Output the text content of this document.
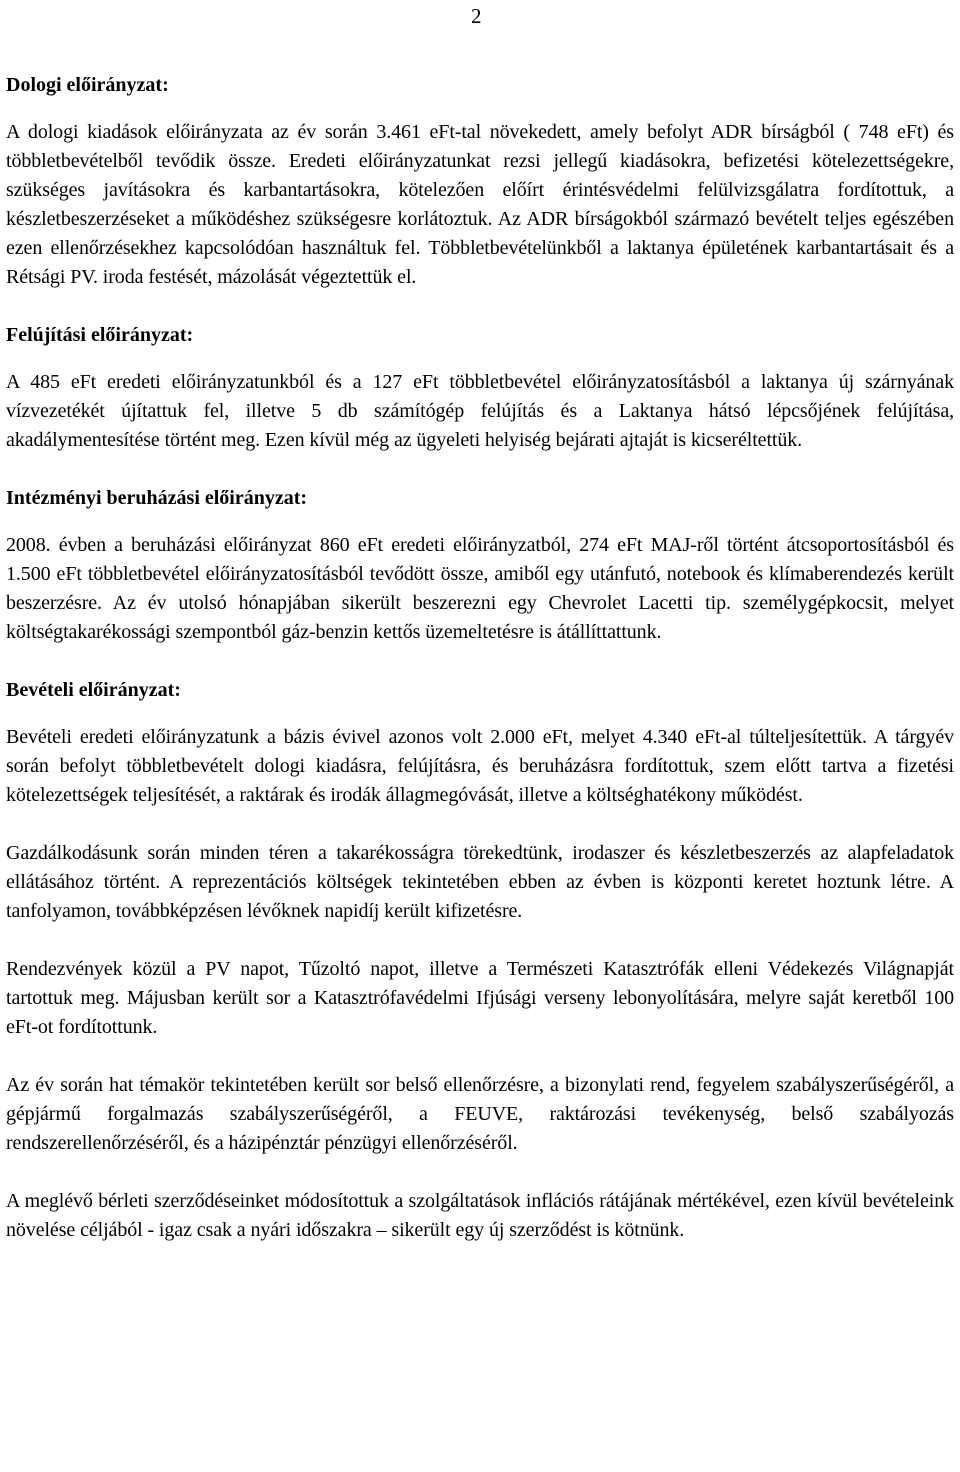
2

Dologi előirányzat:

A dologi kiadások előirányzata az év során 3.461 eFt-tal növekedett, amely befolyt ADR bírságból ( 748 eFt) és többletbevételből tevődik össze. Eredeti előirányzatunkat rezsi jellegű kiadásokra, befizetési kötelezettségekre, szükséges javításokra és karbantartásokra, kötelezően előírt érintésvédelmi felülvizsgálatra fordítottuk, a készletbeszerzéseket a működéshez szükségesre korlátoztuk. Az ADR bírságokból származó bevételt teljes egészében ezen ellenőrzésekhez kapcsolódóan használtuk fel. Többletbevételünkből a laktanya épületének karbantartásait és a Rétsági PV. iroda festését, mázolását végeztettük el.

Felújítási előirányzat:

A 485 eFt eredeti előirányzatunkból és a 127 eFt többletbevétel előirányzatosításból a laktanya új szárnyának vízvezetékét újítattuk fel, illetve 5 db számítógép felújítás és a Laktanya hátsó lépcsőjének felújítása, akadálymentesítése történt meg. Ezen kívül még az ügyeleti helyiség bejárati ajtaját is kicseréltettük.

Intézményi beruházási előirányzat:

2008. évben a beruházási előirányzat 860 eFt eredeti előirányzatból, 274 eFt MAJ-ről történt átcsoportosításból és 1.500 eFt többletbevétel előirányzatosításból tevődött össze, amiből egy utánfutó, notebook és klímaberendezés került beszerzésre. Az év utolsó hónapjában sikerült beszerezni egy Chevrolet Lacetti tip. személygépkocsit, melyet költségtakarékossági szempontból gáz-benzin kettős üzemeltetésre is átállíttattunk.

Bevételi előirányzat:

Bevételi eredeti előirányzatunk a bázis évivel azonos volt 2.000 eFt, melyet 4.340 eFt-al túlteljesítettük. A tárgyév során befolyt többletbevételt dologi kiadásra, felújításra, és beruházásra fordítottuk, szem előtt tartva a fizetési kötelezettségek teljesítését, a raktárak és irodák állagmegóvását, illetve a költséghatékony működést.

Gazdálkodásunk során minden téren a takarékosságra törekedtünk, irodaszer és készletbeszerzés az alapfeladatok ellátásához történt. A reprezentációs költségek tekintetében ebben az évben is központi keretet hoztunk létre. A tanfolyamon, továbbképzésen lévőknek napidíj került kifizetésre.

Rendezvények közül a PV napot, Tűzoltó napot, illetve a Természeti Katasztrófák elleni Védekezés Világnapját tartottuk meg. Májusban került sor a Katasztrófavédelmi Ifjúsági verseny lebonyolítására, melyre saját keretből 100 eFt-ot fordítottunk.

Az év során hat témakör tekintetében került sor belső ellenőrzésre, a bizonylati rend, fegyelem szabályszerűségéről, a gépjármű forgalmazás szabályszerűségéről, a FEUVE, raktározási tevékenység, belső szabályozás rendszerellenőrzéséről, és a házipénztár pénzügyi ellenőrzéséről.

A meglévő bérleti szerződéseinket módosítottuk a szolgáltatások inflációs rátájának mértékével, ezen kívül bevételeink növelése céljából - igaz csak a nyári időszakra – sikerült egy új szerződést is kötnünk.
